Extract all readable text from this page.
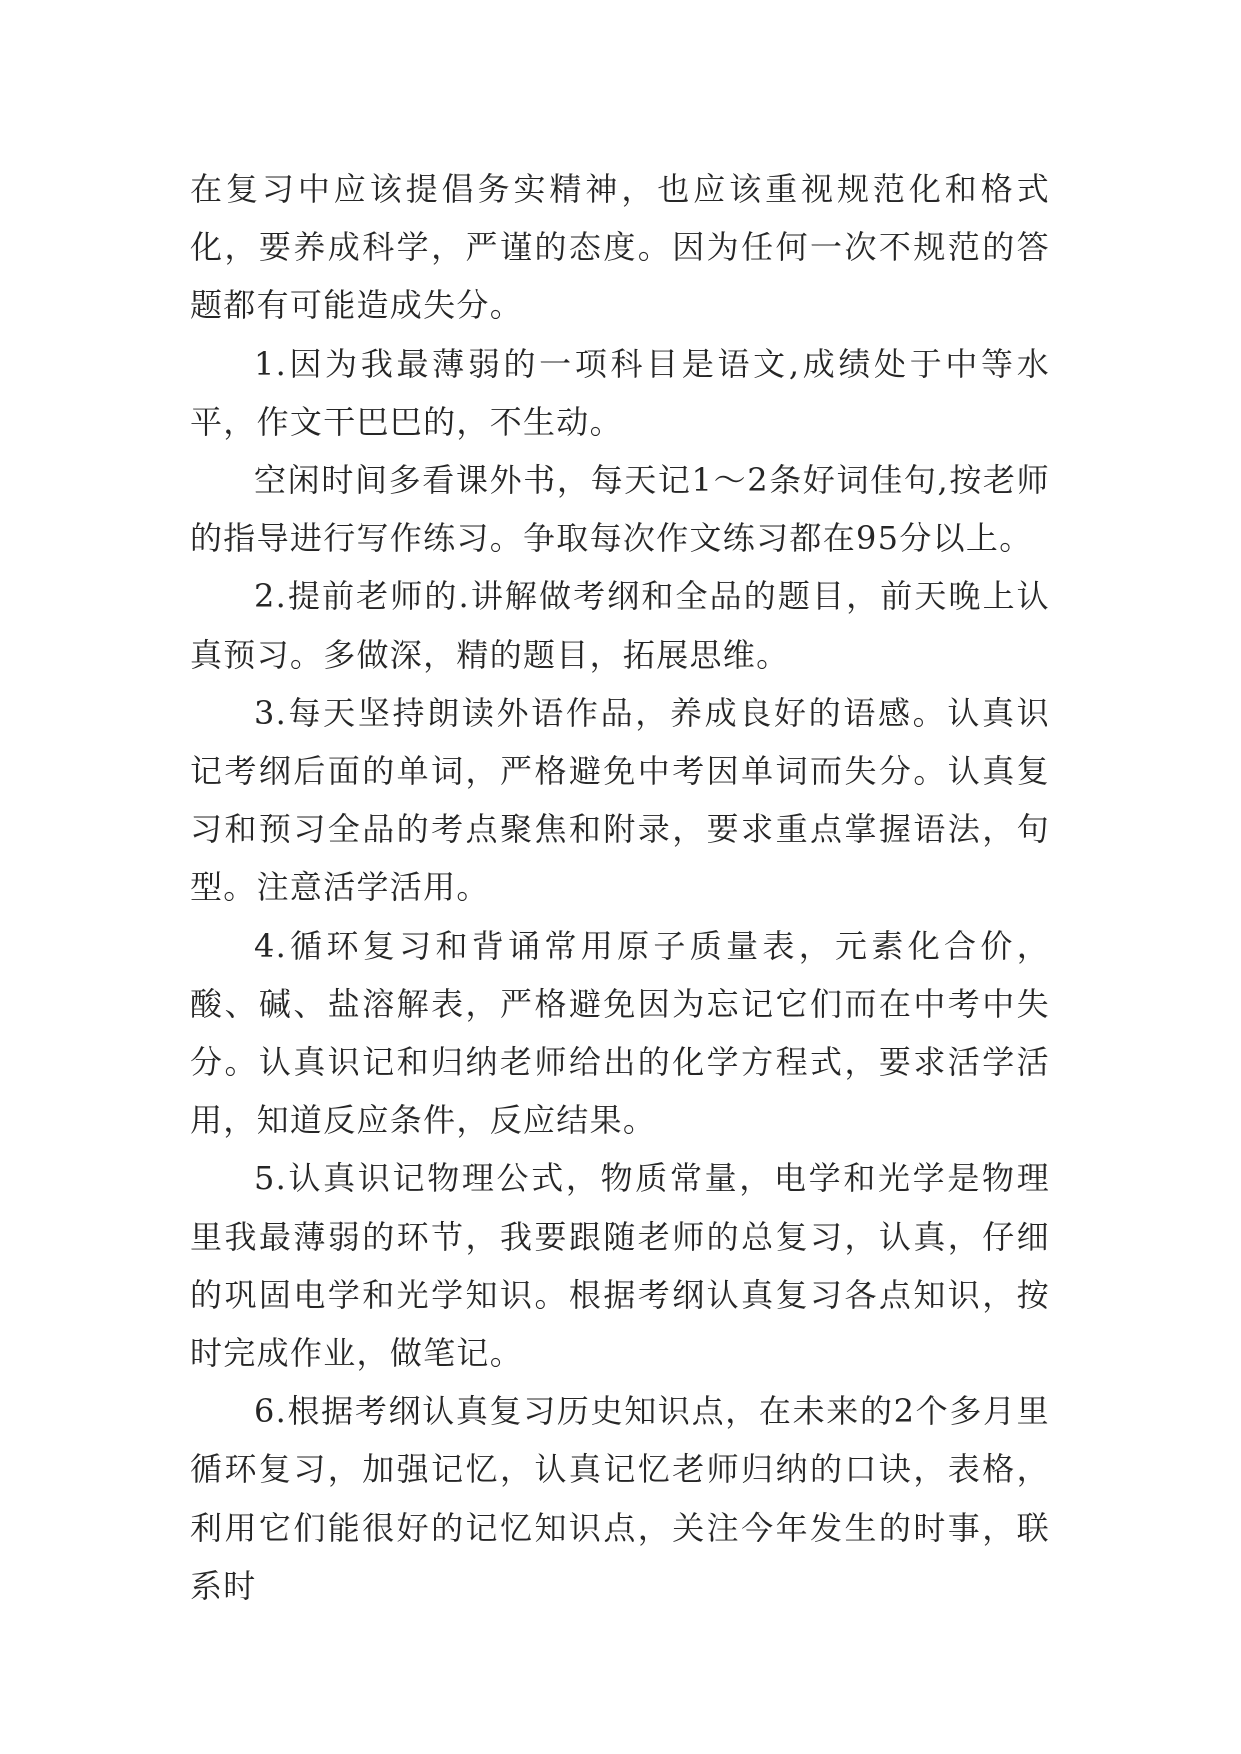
在复习中应该提倡务实精神，也应该重视规范化和格式化，要养成科学，严谨的态度。因为任何一次不规范的答题都有可能造成失分。

1.因为我最薄弱的一项科目是语文,成绩处于中等水平，作文干巴巴的，不生动。

空闲时间多看课外书，每天记1～2条好词佳句,按老师的指导进行写作练习。争取每次作文练习都在95分以上。

2.提前老师的.讲解做考纲和全品的题目，前天晚上认真预习。多做深，精的题目，拓展思维。

3.每天坚持朗读外语作品，养成良好的语感。认真识记考纲后面的单词，严格避免中考因单词而失分。认真复习和预习全品的考点聚焦和附录，要求重点掌握语法，句型。注意活学活用。

4.循环复习和背诵常用原子质量表，元素化合价，酸、碱、盐溶解表，严格避免因为忘记它们而在中考中失分。认真识记和归纳老师给出的化学方程式，要求活学活用，知道反应条件，反应结果。

5.认真识记物理公式，物质常量，电学和光学是物理里我最薄弱的环节，我要跟随老师的总复习，认真，仔细的巩固电学和光学知识。根据考纲认真复习各点知识，按时完成作业，做笔记。

6.根据考纲认真复习历史知识点，在未来的2个多月里循环复习，加强记忆，认真记忆老师归纳的口诀，表格，利用它们能很好的记忆知识点，关注今年发生的时事，联系时
